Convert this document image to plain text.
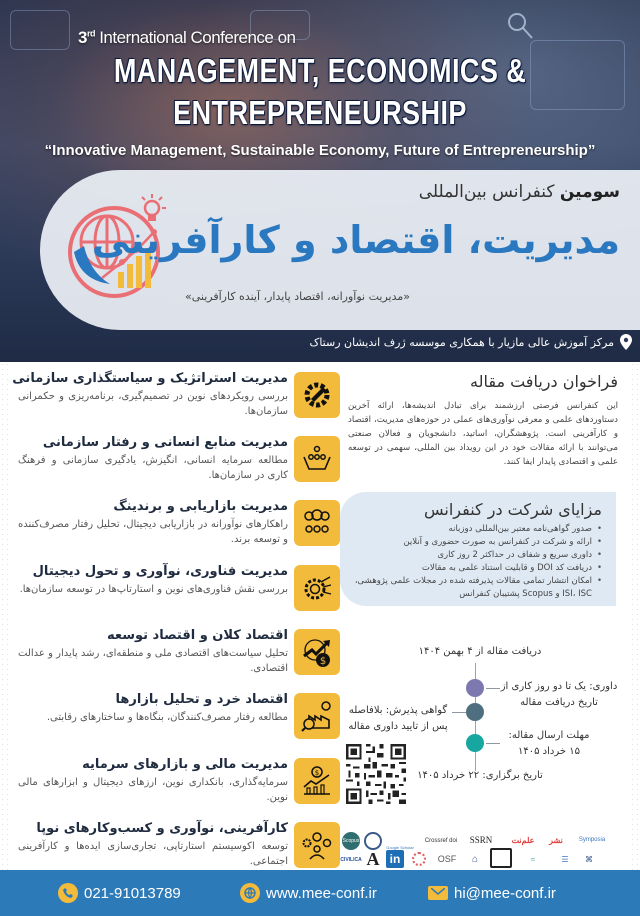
3rd International Conference on
MANAGEMENT, ECONOMICS &
ENTREPRENEURSHIP
“Innovative Management, Sustainable Economy, Future of Entrepreneurship”
سومین کنفرانس بین‌المللی
مدیریت، اقتصاد و کارآفرینی
«مدیریت نوآورانه، اقتصاد پایدار، آینده کارآفرینی»
مرکز آموزش عالی مازیار با همکاری موسسه ژرف اندیشان رستاک
مدیریت استراتژیک و سیاستگذاری سازمانی
بررسی رویکردهای نوین در تصمیم‌گیری، برنامه‌ریزی و حکمرانی سازمان‌ها.
مدیریت منابع انسانی و رفتار سازمانی
مطالعه سرمایه انسانی، انگیزش، یادگیری سازمانی و فرهنگ کاری در سازمان‌ها.
مدیریت بازاریابی و برندینگ
راهکارهای نوآورانه در بازاریابی دیجیتال، تحلیل رفتار مصرف‌کننده و توسعه برند.
مدیریت فناوری، نوآوری و تحول دیجیتال
بررسی نقش فناوری‌های نوین و استارتاپ‌ها در توسعه سازمان‌ها.
$
اقتصاد کلان و اقتصاد توسعه
تحلیل سیاست‌های اقتصادی ملی و منطقه‌ای، رشد پایدار و عدالت اقتصادی.
اقتصاد خرد و تحلیل بازارها
مطالعه رفتار مصرف‌کنندگان، بنگاه‌ها و ساختارهای رقابتی.
$
مدیریت مالی و بازارهای سرمایه
سرمایه‌گذاری، بانکداری نوین، ارزهای دیجیتال و ابزارهای مالی نوین.
کارآفرینی، نوآوری و کسب‌وکارهای نوپا
توسعه اکوسیستم استارتاپی، تجاری‌سازی ایده‌ها و کارآفرینی اجتماعی.
فراخوان دریافت مقاله
این کنفرانس فرصتی ارزشمند برای تبادل اندیشه‌ها، ارائه آخرین دستاوردهای علمی و معرفی نوآوری‌های عملی در حوزه‌های مدیریت، اقتصاد و کارآفرینی است. پژوهشگران، اساتید، دانشجویان و فعالان صنعتی می‌توانند با ارائه مقالات خود در این رویداد بین المللی، سهمی در توسعه علمی و اقتصادی پایدار ایفا کنند.
مزایای شرکت در کنفرانس
• صدور گواهی‌نامه معتبر بین‌المللی دوزبانه
• ارائه و شرکت در کنفرانس به صورت حضوری و آنلاین
• داوری سریع و شفاف در حداکثر 2 روز کاری
• دریافت کد DOI و قابلیت استناد علمی به مقالات
• امکان انتشار تمامی مقالات پذیرفته شده در مجلات علمی پژوهشی، ISI، ISC و Scopus پشتیبان کنفرانس
دریافت مقاله از ۴ بهمن ۱۴۰۴
داوری: یک تا دو روز کاری از
تاریخ دریافت مقاله
گواهی پذیرش: بلافاصله
پس از تایید داوری مقاله
مهلت ارسال مقاله:
۱۵ خرداد ۱۴۰۵
تاریخ برگزاری: ۲۲ خرداد ۱۴۰۵
Scopus
Google Scholar
Crossref doi	SSRN	علم‌نت	نشر	Symposia
CIVILICA A in	OSF	⌂	≈	☰	⌘
021-91013789	www.mee-conf.ir	hi@mee-conf.ir
